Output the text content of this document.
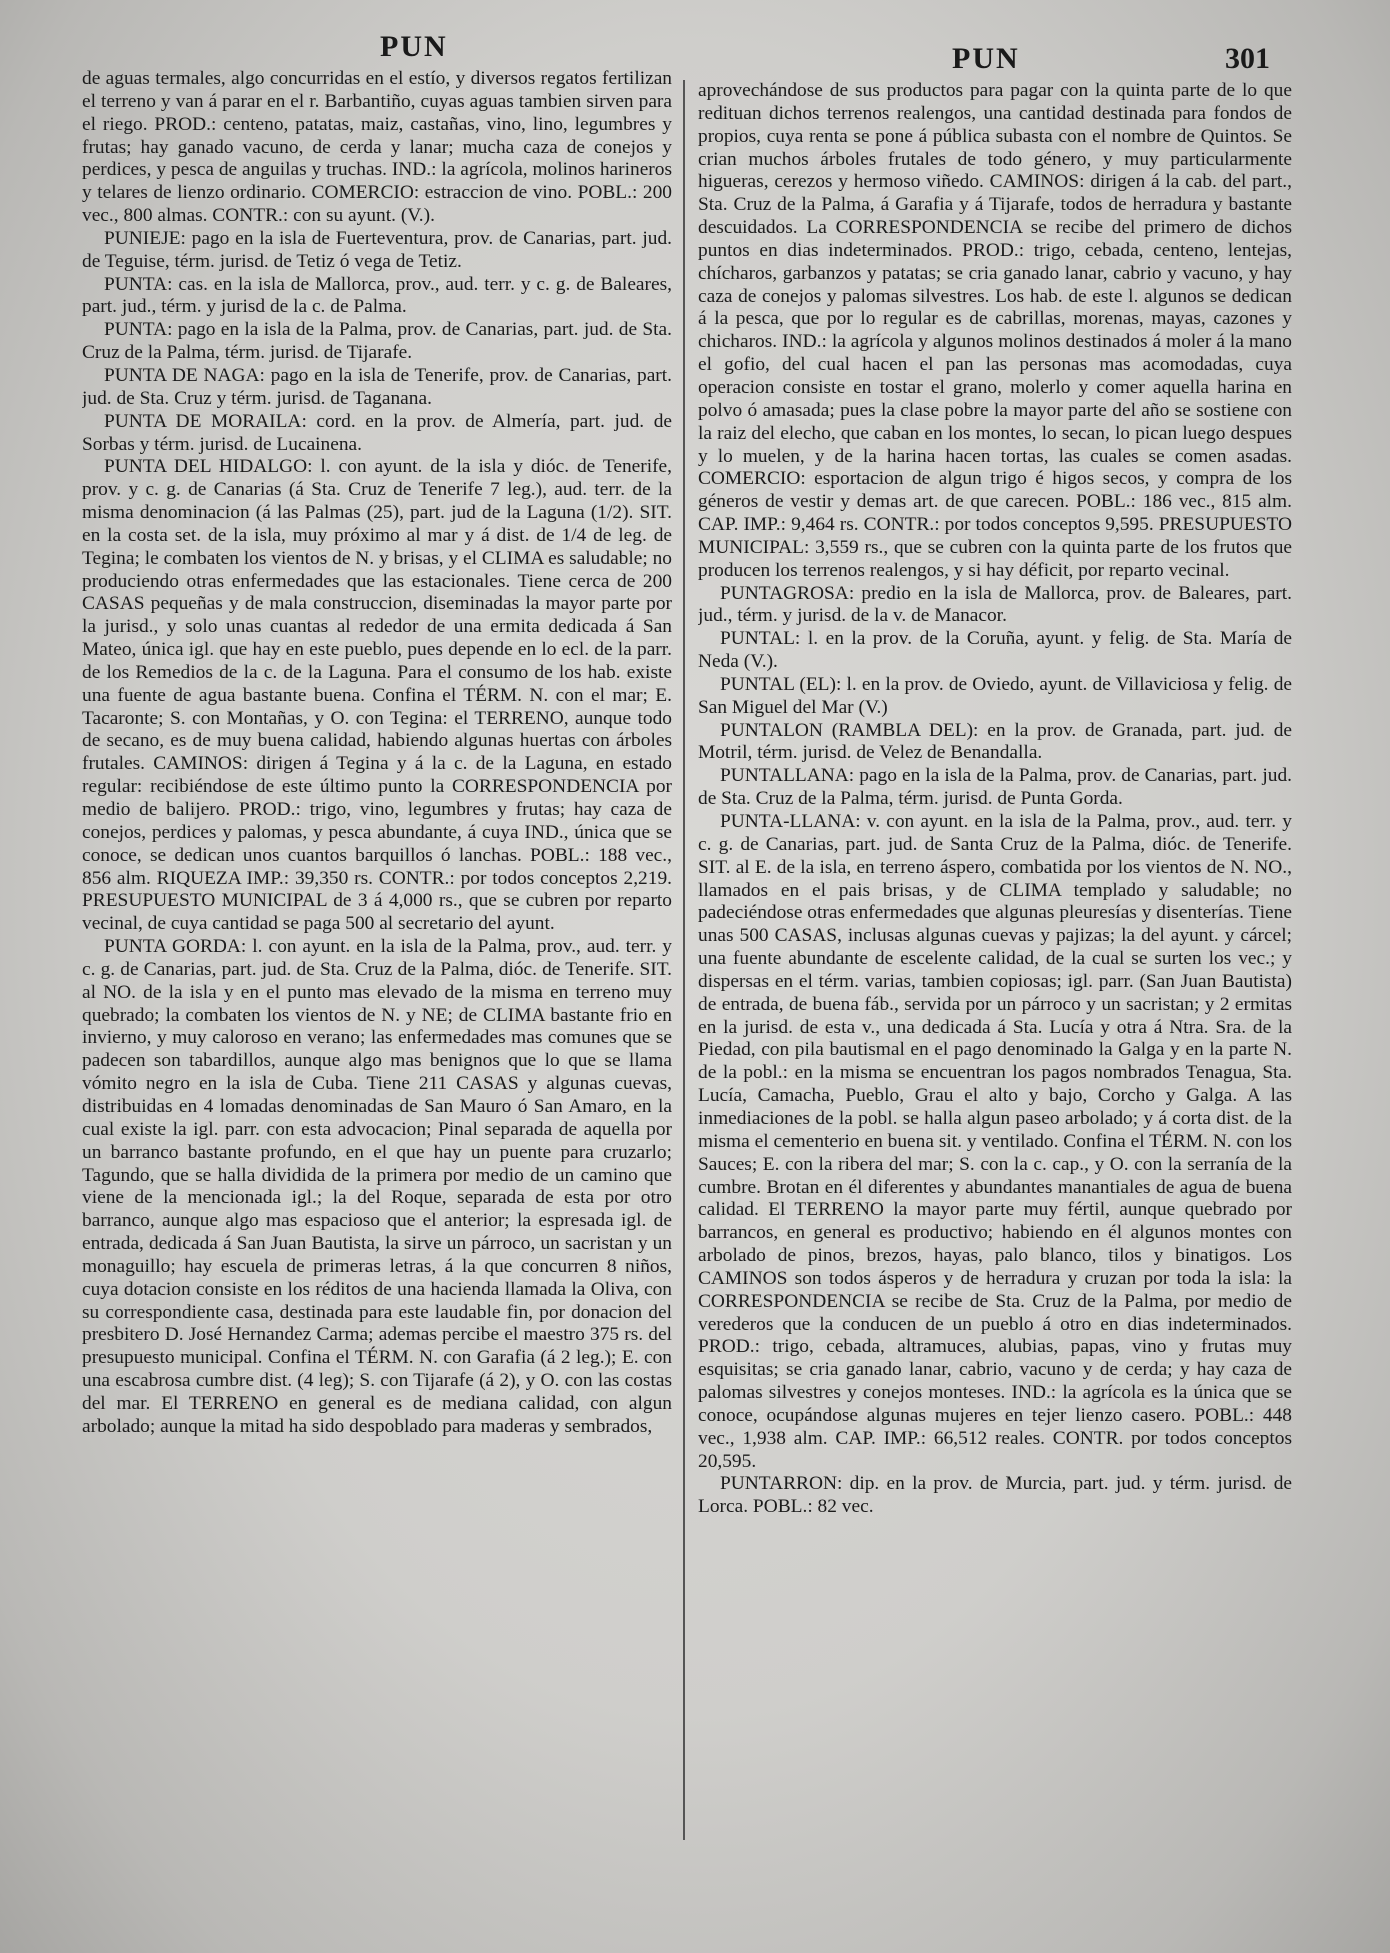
PUN	PUN	301

de aguas termales, algo concurridas en el estío, y diversos regatos fertilizan el terreno y van á parar en el r. Barbantiño, cuyas aguas tambien sirven para el riego. PROD.: centeno, patatas, maiz, castañas, vino, lino, legumbres y frutas; hay ganado vacuno, de cerda y lanar; mucha caza de conejos y perdices, y pesca de anguilas y truchas. IND.: la agrícola, molinos harineros y telares de lienzo ordinario. COMERCIO: estraccion de vino. POBL.: 200 vec., 800 almas. CONTR.: con su ayunt. (V.).

PUNIEJE: pago en la isla de Fuerteventura, prov. de Canarias, part. jud. de Teguise, térm. jurisd. de Tetiz ó vega de Tetiz.

PUNTA: cas. en la isla de Mallorca, prov., aud. terr. y c. g. de Baleares, part. jud., térm. y jurisd de la c. de Palma.

PUNTA: pago en la isla de la Palma, prov. de Canarias, part. jud. de Sta. Cruz de la Palma, térm. jurisd. de Tijarafe.

PUNTA DE NAGA: pago en la isla de Tenerife, prov. de Canarias, part. jud. de Sta. Cruz y térm. jurisd. de Taganana.

PUNTA DE MORAILA: cord. en la prov. de Almería, part. jud. de Sorbas y térm. jurisd. de Lucainena.

PUNTA DEL HIDALGO: l. con ayunt. de la isla y dióc. de Tenerife, prov. y c. g. de Canarias (á Sta. Cruz de Tenerife 7 leg.), aud. terr. de la misma denominacion (á las Palmas (25), part. jud de la Laguna (1/2). SIT. en la costa set. de la isla, muy próximo al mar y á dist. de 1/4 de leg. de Tegina; le combaten los vientos de N. y brisas, y el CLIMA es saludable; no produciendo otras enfermedades que las estacionales. Tiene cerca de 200 CASAS pequeñas y de mala construccion, diseminadas la mayor parte por la jurisd., y solo unas cuantas al rededor de una ermita dedicada á San Mateo, única igl. que hay en este pueblo, pues depende en lo ecl. de la parr. de los Remedios de la c. de la Laguna. Para el consumo de los hab. existe una fuente de agua bastante buena. Confina el TÉRM. N. con el mar; E. Tacaronte; S. con Montañas, y O. con Tegina: el TERRENO, aunque todo de secano, es de muy buena calidad, habiendo algunas huertas con árboles frutales. CAMINOS: dirigen á Tegina y á la c. de la Laguna, en estado regular: recibiéndose de este último punto la CORRESPONDENCIA por medio de balijero. PROD.: trigo, vino, legumbres y frutas; hay caza de conejos, perdices y palomas, y pesca abundante, á cuya IND., única que se conoce, se dedican unos cuantos barquillos ó lanchas. POBL.: 188 vec., 856 alm. RIQUEZA IMP.: 39,350 rs. CONTR.: por todos conceptos 2,219. PRESUPUESTO MUNICIPAL de 3 á 4,000 rs., que se cubren por reparto vecinal, de cuya cantidad se paga 500 al secretario del ayunt.

PUNTA GORDA: l. con ayunt. en la isla de la Palma, prov., aud. terr. y c. g. de Canarias, part. jud. de Sta. Cruz de la Palma, dióc. de Tenerife. SIT. al NO. de la isla y en el punto mas elevado de la misma en terreno muy quebrado; la combaten los vientos de N. y NE; de CLIMA bastante frio en invierno, y muy caloroso en verano; las enfermedades mas comunes que se padecen son tabardillos, aunque algo mas benignos que lo que se llama vómito negro en la isla de Cuba. Tiene 211 CASAS y algunas cuevas, distribuidas en 4 lomadas denominadas de San Mauro ó San Amaro, en la cual existe la igl. parr. con esta advocacion; Pinal separada de aquella por un barranco bastante profundo, en el que hay un puente para cruzarlo; Tagundo, que se halla dividida de la primera por medio de un camino que viene de la mencionada igl.; la del Roque, separada de esta por otro barranco, aunque algo mas espacioso que el anterior; la espresada igl. de entrada, dedicada á San Juan Bautista, la sirve un párroco, un sacristan y un monaguillo; hay escuela de primeras letras, á la que concurren 8 niños, cuya dotacion consiste en los réditos de una hacienda llamada la Oliva, con su correspondiente casa, destinada para este laudable fin, por donacion del presbitero D. José Hernandez Carma; ademas percibe el maestro 375 rs. del presupuesto municipal. Confina el TÉRM. N. con Garafia (á 2 leg.); E. con una escabrosa cumbre dist. (4 leg); S. con Tijarafe (á 2), y O. con las costas del mar. El TERRENO en general es de mediana calidad, con algun arbolado; aunque la mitad ha sido despoblado para maderas y sembrados,

aprovechándose de sus productos para pagar con la quinta parte de lo que redituan dichos terrenos realengos, una cantidad destinada para fondos de propios, cuya renta se pone á pública subasta con el nombre de Quintos. Se crian muchos árboles frutales de todo género, y muy particularmente higueras, cerezos y hermoso viñedo. CAMINOS: dirigen á la cab. del part., Sta. Cruz de la Palma, á Garafia y á Tijarafe, todos de herradura y bastante descuidados. La CORRESPONDENCIA se recibe del primero de dichos puntos en dias indeterminados. PROD.: trigo, cebada, centeno, lentejas, chícharos, garbanzos y patatas; se cria ganado lanar, cabrio y vacuno, y hay caza de conejos y palomas silvestres. Los hab. de este l. algunos se dedican á la pesca, que por lo regular es de cabrillas, morenas, mayas, cazones y chicharos. IND.: la agrícola y algunos molinos destinados á moler á la mano el gofio, del cual hacen el pan las personas mas acomodadas, cuya operacion consiste en tostar el grano, molerlo y comer aquella harina en polvo ó amasada; pues la clase pobre la mayor parte del año se sostiene con la raiz del elecho, que caban en los montes, lo secan, lo pican luego despues y lo muelen, y de la harina hacen tortas, las cuales se comen asadas. COMERCIO: esportacion de algun trigo é higos secos, y compra de los géneros de vestir y demas art. de que carecen. POBL.: 186 vec., 815 alm. CAP. IMP.: 9,464 rs. CONTR.: por todos conceptos 9,595. PRESUPUESTO MUNICIPAL: 3,559 rs., que se cubren con la quinta parte de los frutos que producen los terrenos realengos, y si hay déficit, por reparto vecinal.

PUNTAGROSA: predio en la isla de Mallorca, prov. de Baleares, part. jud., térm. y jurisd. de la v. de Manacor.

PUNTAL: l. en la prov. de la Coruña, ayunt. y felig. de Sta. María de Neda (V.).

PUNTAL (EL): l. en la prov. de Oviedo, ayunt. de Villaviciosa y felig. de San Miguel del Mar (V.)

PUNTALON (RAMBLA DEL): en la prov. de Granada, part. jud. de Motril, térm. jurisd. de Velez de Benandalla.

PUNTALLANA: pago en la isla de la Palma, prov. de Canarias, part. jud. de Sta. Cruz de la Palma, térm. jurisd. de Punta Gorda.

PUNTA-LLANA: v. con ayunt. en la isla de la Palma, prov., aud. terr. y c. g. de Canarias, part. jud. de Santa Cruz de la Palma, dióc. de Tenerife. SIT. al E. de la isla, en terreno áspero, combatida por los vientos de N. NO., llamados en el pais brisas, y de CLIMA templado y saludable; no padeciéndose otras enfermedades que algunas pleuresías y disenterías. Tiene unas 500 CASAS, inclusas algunas cuevas y pajizas; la del ayunt. y cárcel; una fuente abundante de escelente calidad, de la cual se surten los vec.; y dispersas en el térm. varias, tambien copiosas; igl. parr. (San Juan Bautista) de entrada, de buena fáb., servida por un párroco y un sacristan; y 2 ermitas en la jurisd. de esta v., una dedicada á Sta. Lucía y otra á Ntra. Sra. de la Piedad, con pila bautismal en el pago denominado la Galga y en la parte N. de la pobl.: en la misma se encuentran los pagos nombrados Tenagua, Sta. Lucía, Camacha, Pueblo, Grau el alto y bajo, Corcho y Galga. A las inmediaciones de la pobl. se halla algun paseo arbolado; y á corta dist. de la misma el cementerio en buena sit. y ventilado. Confina el TÉRM. N. con los Sauces; E. con la ribera del mar; S. con la c. cap., y O. con la serranía de la cumbre. Brotan en él diferentes y abundantes manantiales de agua de buena calidad. El TERRENO la mayor parte muy fértil, aunque quebrado por barrancos, en general es productivo; habiendo en él algunos montes con arbolado de pinos, brezos, hayas, palo blanco, tilos y binatigos. Los CAMINOS son todos ásperos y de herradura y cruzan por toda la isla: la CORRESPONDENCIA se recibe de Sta. Cruz de la Palma, por medio de verederos que la conducen de un pueblo á otro en dias indeterminados. PROD.: trigo, cebada, altramuces, alubias, papas, vino y frutas muy esquisitas; se cria ganado lanar, cabrio, vacuno y de cerda; y hay caza de palomas silvestres y conejos monteses. IND.: la agrícola es la única que se conoce, ocupándose algunas mujeres en tejer lienzo casero. POBL.: 448 vec., 1,938 alm. CAP. IMP.: 66,512 reales. CONTR. por todos conceptos 20,595.

PUNTARRON: dip. en la prov. de Murcia, part. jud. y térm. jurisd. de Lorca. POBL.: 82 vec.
